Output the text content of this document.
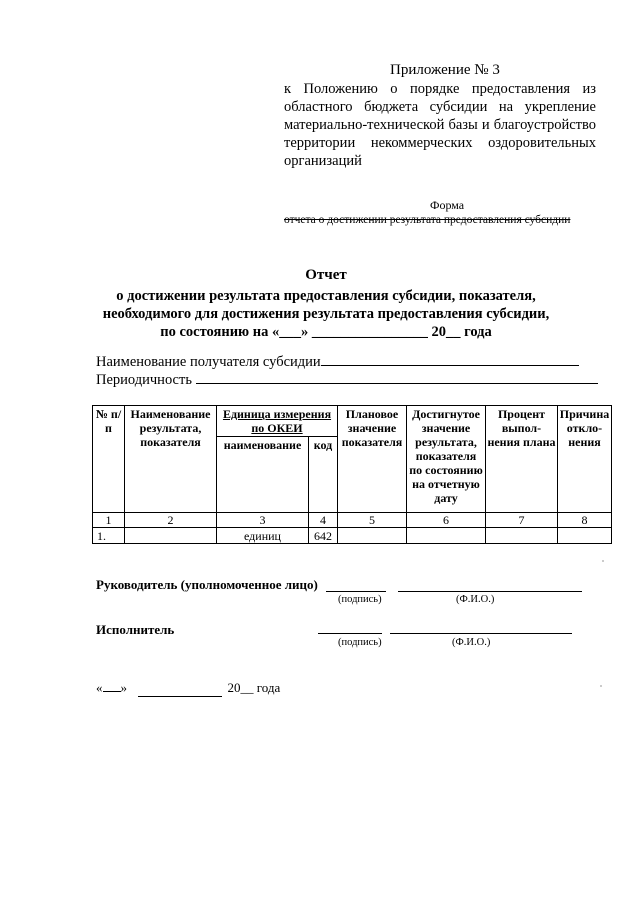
Приложение № 3
к Положению о порядке предоставления из областного бюджета субсидии на укрепление материально-технической базы и благоустройство территории некоммерческих оздоровительных организаций
Форма
отчета о достижении результата предоставления субсидии
Отчет
о достижении результата предоставления субсидии, показателя,
необходимого для достижения результата предоставления субсидии,
по состоянию на «___» ________________ 20__ года
Наименование получателя субсидии
Периодичность
№ п/п	Наименование результата, показателя	Единица измерения по ОКЕИ		Плановое значение показателя	Достигнутое значение результата, показателя по состоянию на отчетную дату	Процент выпол-нения плана	Причина откло-нения
		наименование	код				
1	2	3	4	5	6	7	8
1.		единиц	642				
Руководитель (уполномоченное лицо)
(подпись)	(Ф.И.О.)
Исполнитель
(подпись)	(Ф.И.О.)
« »	20__ года
